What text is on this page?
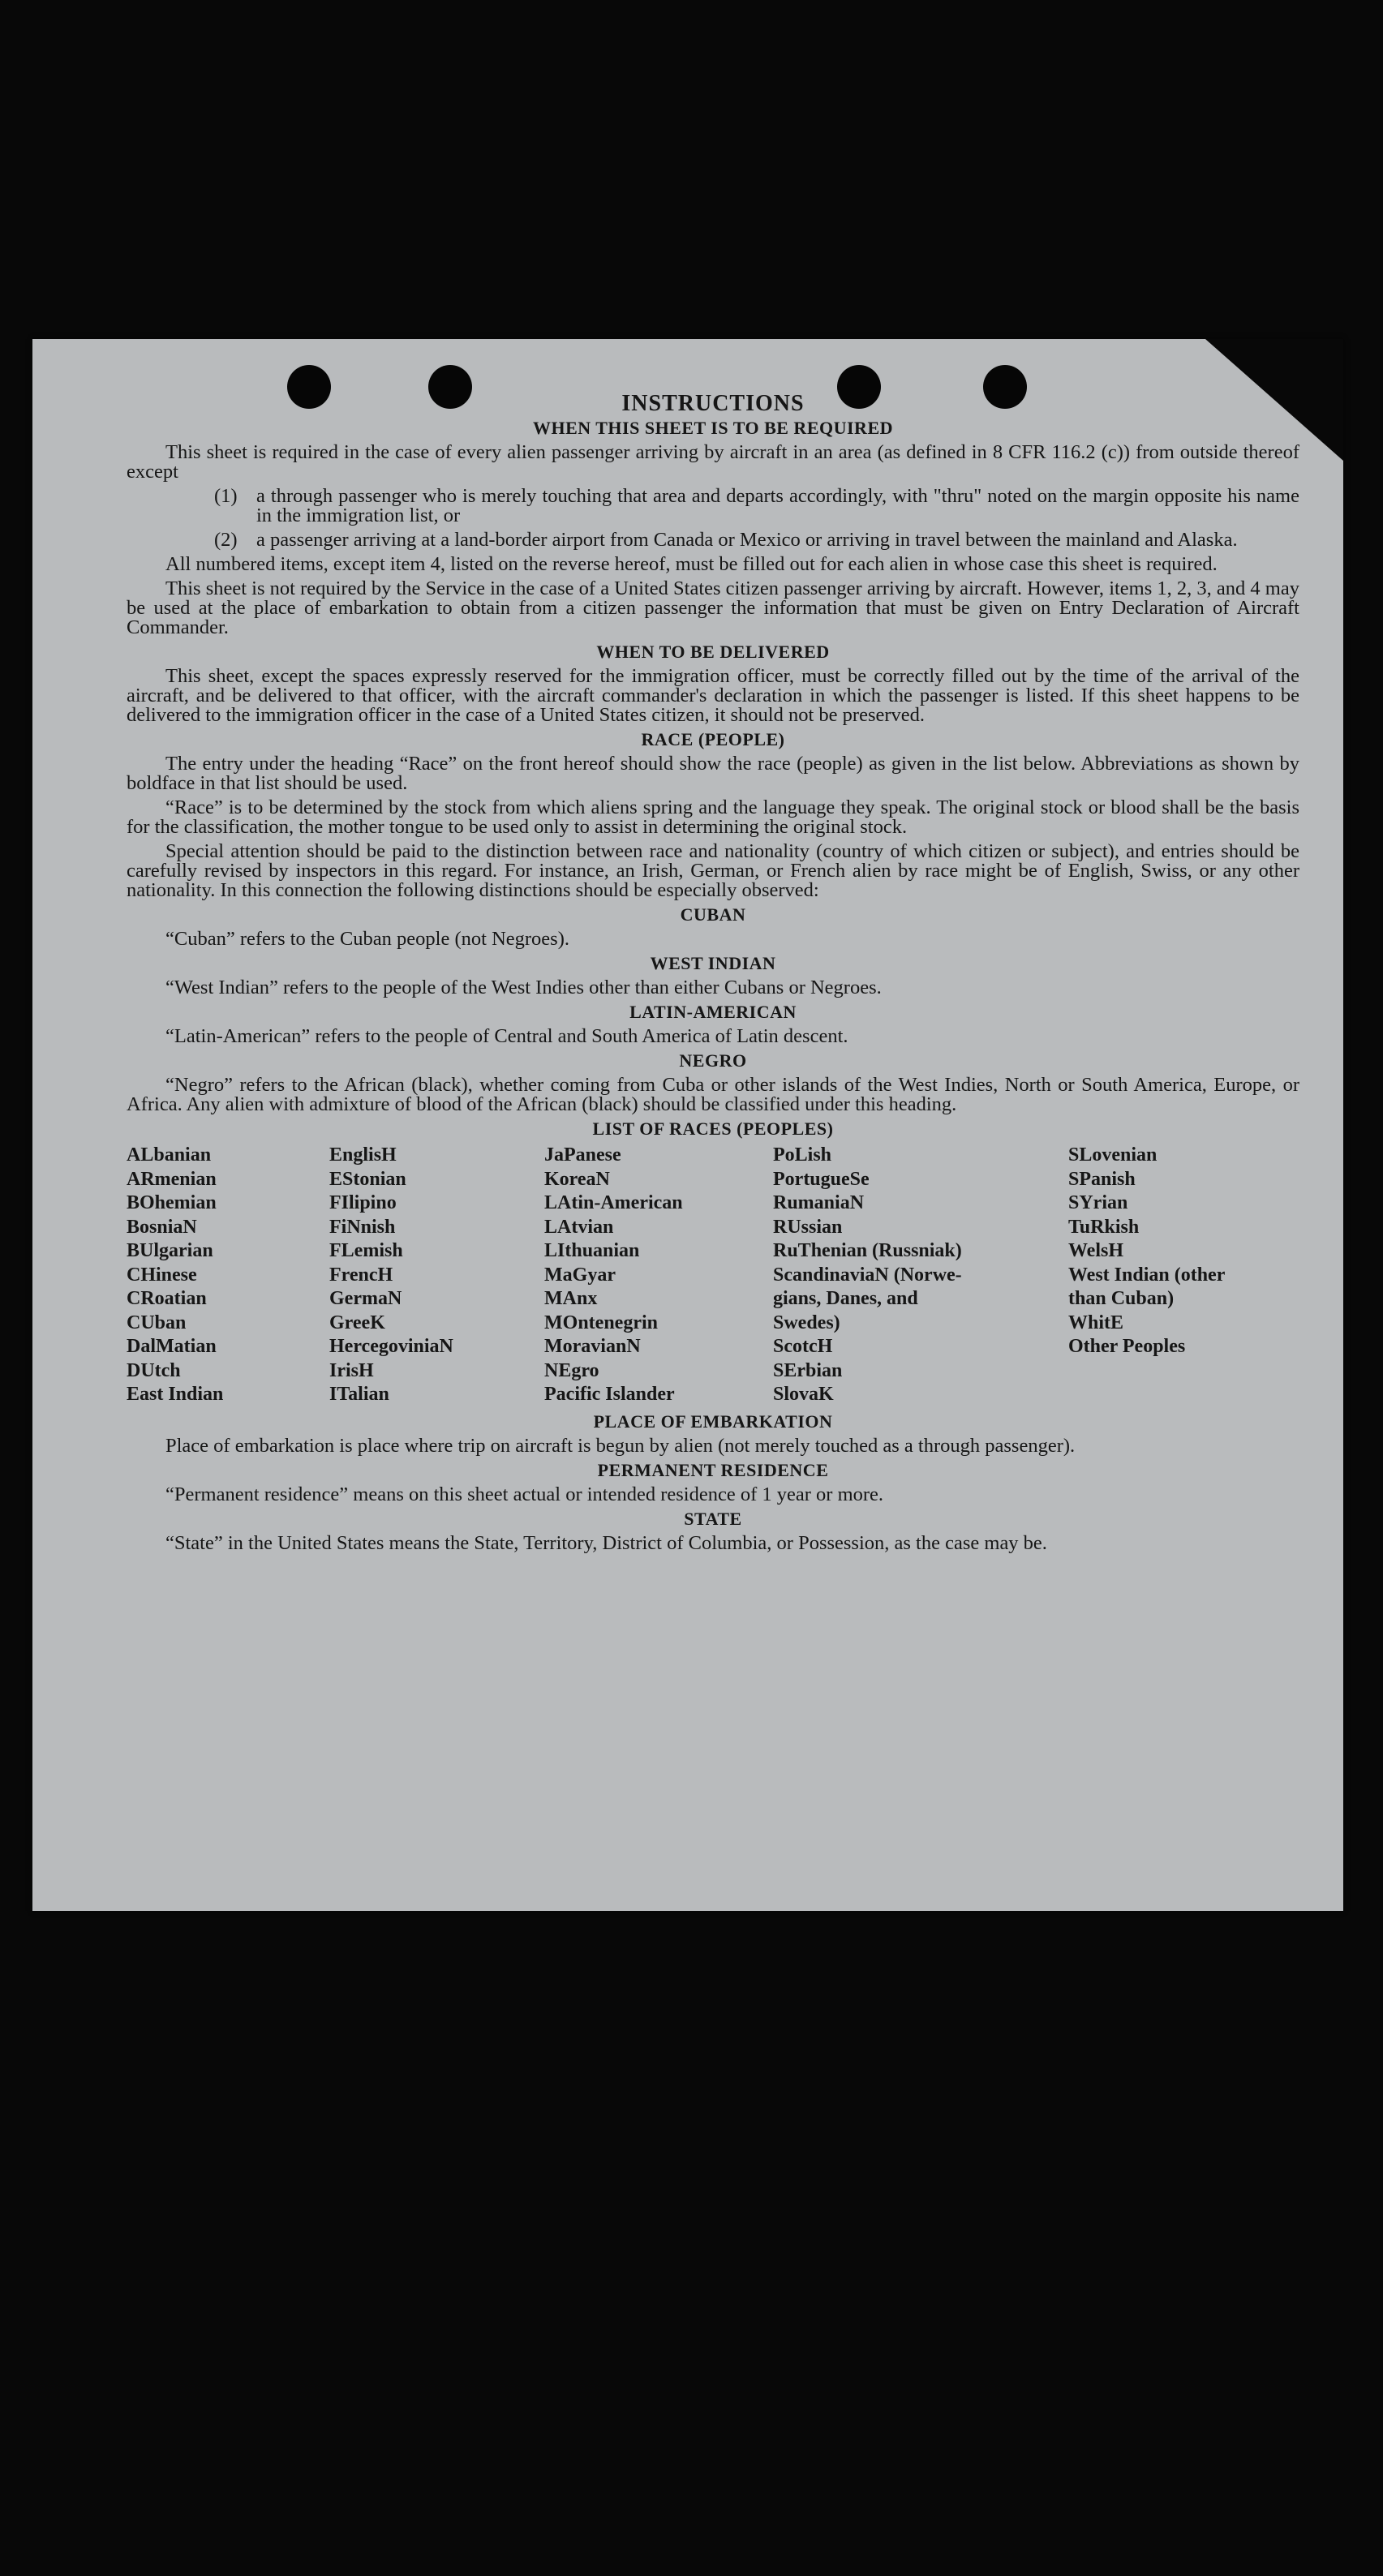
INSTRUCTIONS
WHEN THIS SHEET IS TO BE REQUIRED

This sheet is required in the case of every alien passenger arriving by aircraft in an area (as defined in 8 CFR 116.2 (c)) from outside thereof except

(1) a through passenger who is merely touching that area and departs accordingly, with "thru" noted on the margin opposite his name in the immigration list, or
(2) a passenger arriving at a land-border airport from Canada or Mexico or arriving in travel between the mainland and Alaska.

All numbered items, except item 4, listed on the reverse hereof, must be filled out for each alien in whose case this sheet is required.

This sheet is not required by the Service in the case of a United States citizen passenger arriving by aircraft. However, items 1, 2, 3, and 4 may be used at the place of embarkation to obtain from a citizen passenger the information that must be given on Entry Declaration of Aircraft Commander.

WHEN TO BE DELIVERED

This sheet, except the spaces expressly reserved for the immigration officer, must be correctly filled out by the time of the arrival of the aircraft, and be delivered to that officer, with the aircraft commander's declaration in which the passenger is listed. If this sheet happens to be delivered to the immigration officer in the case of a United States citizen, it should not be preserved.

RACE (PEOPLE)

The entry under the heading “Race” on the front hereof should show the race (people) as given in the list below. Abbreviations as shown by boldface in that list should be used.

“Race” is to be determined by the stock from which aliens spring and the language they speak. The original stock or blood shall be the basis for the classification, the mother tongue to be used only to assist in determining the original stock.

Special attention should be paid to the distinction between race and nationality (country of which citizen or subject), and entries should be carefully revised by inspectors in this regard. For instance, an Irish, German, or French alien by race might be of English, Swiss, or any other nationality. In this connection the following distinctions should be especially observed:

CUBAN
“Cuban” refers to the Cuban people (not Negroes).
WEST INDIAN
“West Indian” refers to the people of the West Indies other than either Cubans or Negroes.
LATIN-AMERICAN
“Latin-American” refers to the people of Central and South America of Latin descent.
NEGRO

“Negro” refers to the African (black), whether coming from Cuba or other islands of the West Indies, North or South America, Europe, or Africa. Any alien with admixture of blood of the African (black) should be classified under this heading.

LIST OF RACES (PEOPLES)
ALbanian
ARmenian
BOhemian
BosniaN
BUlgarian
CHinese
CRoatian
CUban
DalMatian
DUtch
East Indian
EnglisH
EStonian
FIlipino
FiNnish
FLemish
FrencH
GermaN
GreeK
HercegoviniaN
IrisH
ITalian
JaPanese
KoreaN
LAtin-American
LAtvian
LIthuanian
MaGyar
MAnx
MOntenegrin
MoravianN
NEgro
Pacific Islander
PoLish
PortugueSe
RumaniaN
RUssian
RuThenian (Russniak)
ScandinaviaN (Norwe-
gians, Danes, and
Swedes)
ScotcH
SErbian
SlovaK
SLovenian
SPanish
SYrian
TuRkish
WelsH
West Indian (other
than Cuban)
WhitE
Other Peoples
PLACE OF EMBARKATION

Place of embarkation is place where trip on aircraft is begun by alien (not merely touched as a through passenger).

PERMANENT RESIDENCE

“Permanent residence” means on this sheet actual or intended residence of 1 year or more.

STATE

“State” in the United States means the State, Territory, District of Columbia, or Possession, as the case may be.
